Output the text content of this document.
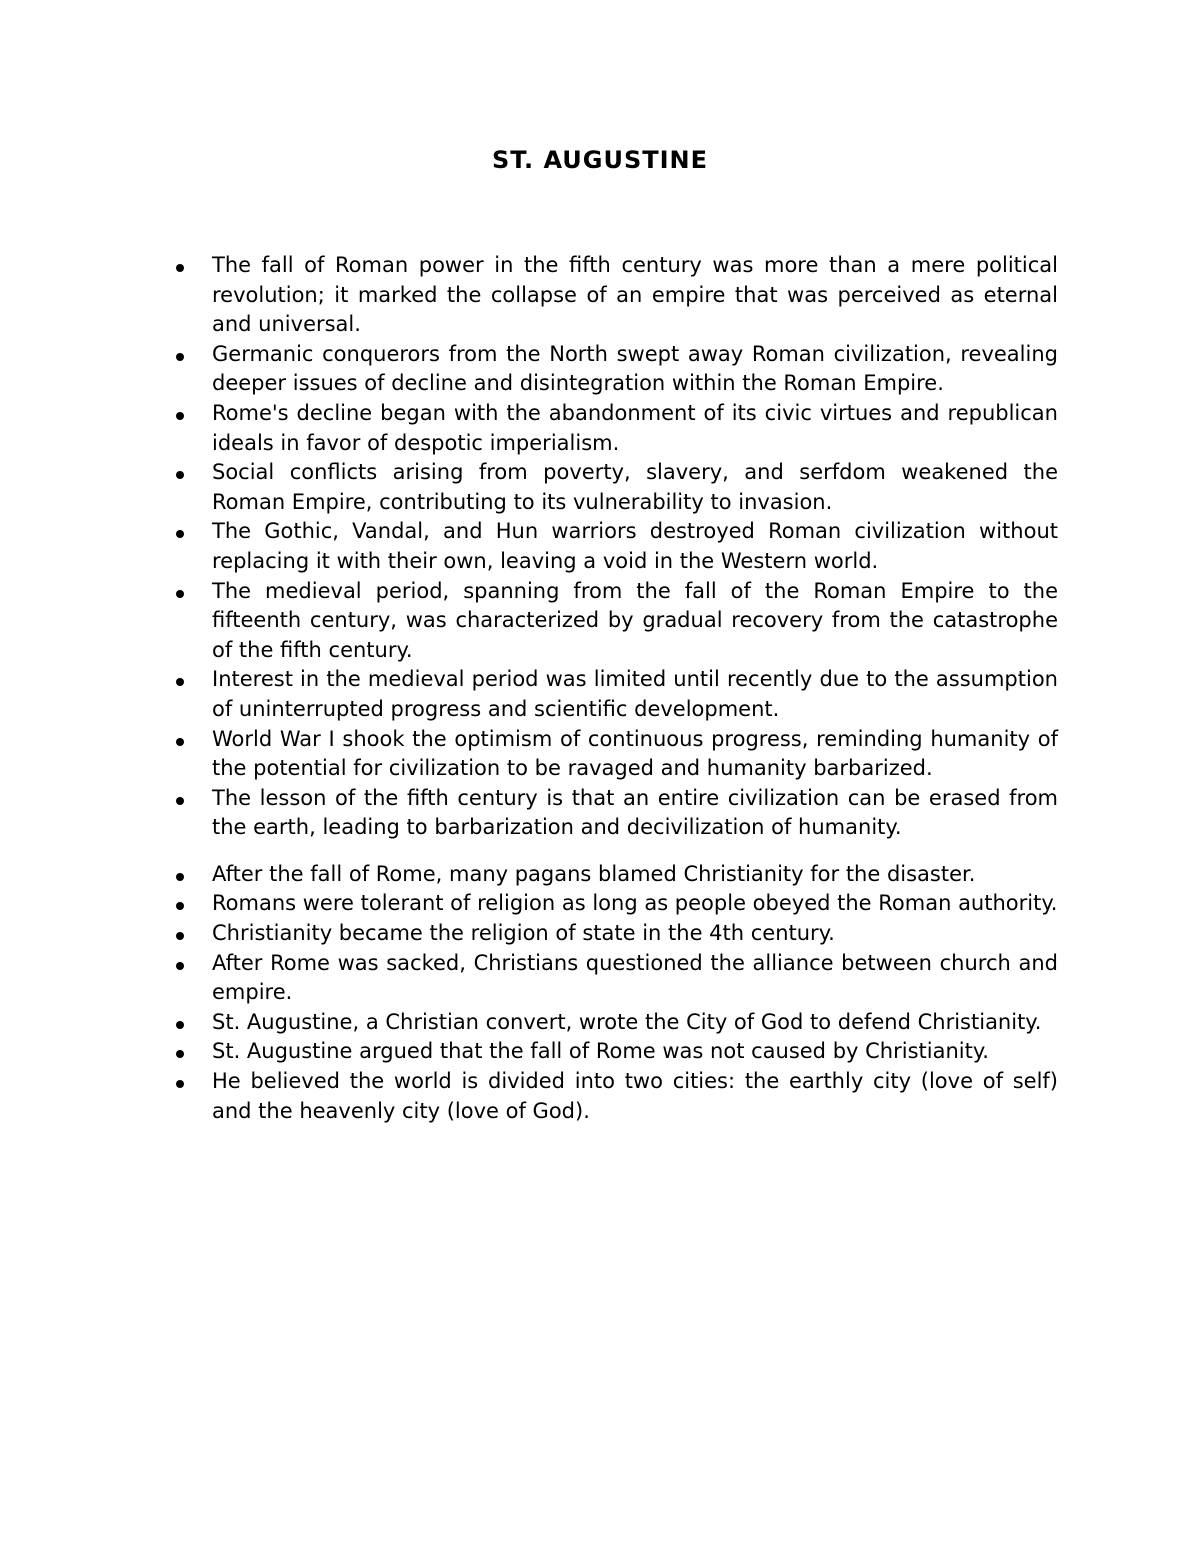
ST. AUGUSTINE
The fall of Roman power in the fifth century was more than a mere political revolution; it marked the collapse of an empire that was perceived as eternal and universal.
Germanic conquerors from the North swept away Roman civilization, revealing deeper issues of decline and disintegration within the Roman Empire.
Rome's decline began with the abandonment of its civic virtues and republican ideals in favor of despotic imperialism.
Social conflicts arising from poverty, slavery, and serfdom weakened the Roman Empire, contributing to its vulnerability to invasion.
The Gothic, Vandal, and Hun warriors destroyed Roman civilization without replacing it with their own, leaving a void in the Western world.
The medieval period, spanning from the fall of the Roman Empire to the fifteenth century, was characterized by gradual recovery from the catastrophe of the fifth century.
Interest in the medieval period was limited until recently due to the assumption of uninterrupted progress and scientific development.
World War I shook the optimism of continuous progress, reminding humanity of the potential for civilization to be ravaged and humanity barbarized.
The lesson of the fifth century is that an entire civilization can be erased from the earth, leading to barbarization and decivilization of humanity.
After the fall of Rome, many pagans blamed Christianity for the disaster.
Romans were tolerant of religion as long as people obeyed the Roman authority.
Christianity became the religion of state in the 4th century.
After Rome was sacked, Christians questioned the alliance between church and empire.
St. Augustine, a Christian convert, wrote the City of God to defend Christianity.
St. Augustine argued that the fall of Rome was not caused by Christianity.
He believed the world is divided into two cities: the earthly city (love of self) and the heavenly city (love of God).
